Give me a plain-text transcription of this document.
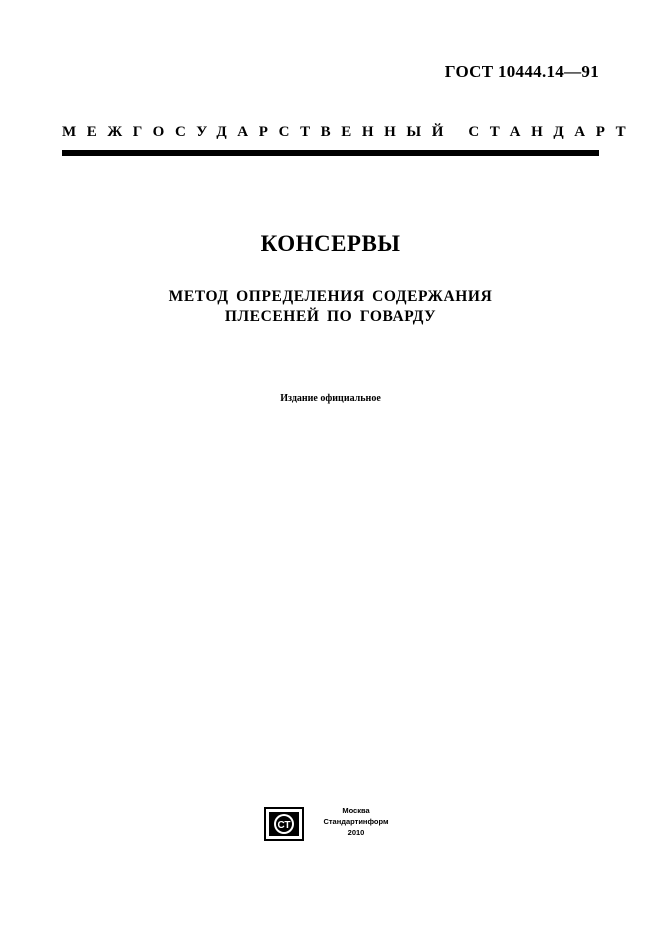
ГОСТ 10444.14—91
МЕЖГОСУДАРСТВЕННЫЙ СТАНДАРТ
КОНСЕРВЫ
МЕТОД ОПРЕДЕЛЕНИЯ СОДЕРЖАНИЯ
ПЛЕСЕНЕЙ ПО ГОВАРДУ
Издание официальное
СТ
Москва
Стандартинформ
2010
